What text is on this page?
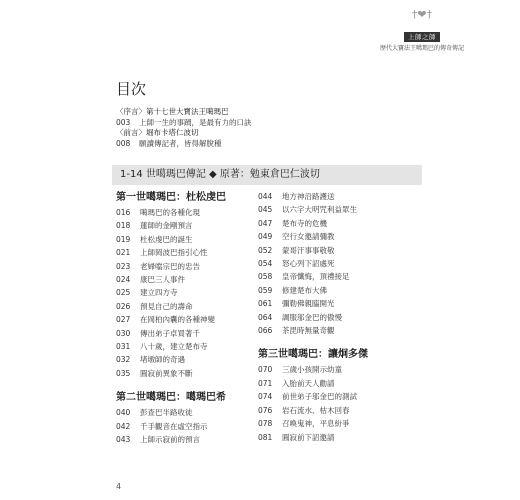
†❤†
上師之師
歷代大寶法王噶瑪巴的傳奇傳記
目次
〈序言〉第十七世大寶法王噶瑪巴
003 上師一生的事蹟，是最有力的口訣
〈前言〉堀布卡塔仁波切
008 願讀傳記者，皆得解脫種
1-14 世噶瑪巴傳記 ◆ 原著：勉東倉巴仁波切
第一世噶瑪巴：杜松虔巴
016 噶瑪巴的各種化現
018 蓮師的金剛預言
019 杜松虔巴的誕生
021 上師岡波巴指引心性
023 老婦噹宗巴的忠告
024 康巴三人事件
025 建立四方寺
026 預見自己的壽命
027 在岡柏內囊的各種神變
030 傳出弟子卓買著千
031 八十歲，建立楚布寺
032 堵墩師的奇遇
035 圓寂前異象不斷
第二世噶瑪巴：噶瑪巴希
040 彭查巴半路收徒
042 千手觀音在虛空指示
043 上師示寂前的預言
044 地方神沿路護送
045 以六字大明咒利益眾生
047 楚布寺的危機
049 空行女邀請彌教
052 蒙哥汗事事敬敬
054 怒心列下詔處死
058 皇帝懺悔，頂禮接足
059 修建楚布大佛
061 彌勒佛親臨開光
064 調服邬金巴的傲慢
066 茶毘時無量奇觀
第三世噶瑪巴：讓炯多傑
070 三歲小孩開示幼童
071 入胎前天人勸請
074 前世弟子邬金巴的測試
076 岩石流水、枯木回春
078 召喚鬼神，平息紛爭
081 圓寂前下詔邀請
4
